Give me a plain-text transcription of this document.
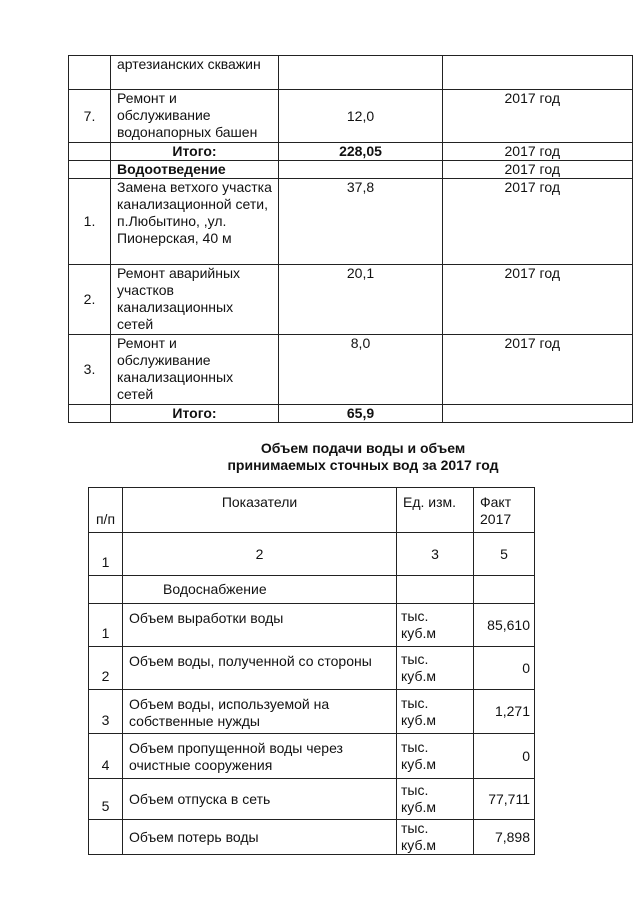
	артезианских скважин		
7.	Ремонт и обслуживание водонапорных башен	12,0	2017 год
	Итого:	228,05	2017 год
	Водоотведение		2017 год
1.	Замена ветхого участка канализационной сети, п.Любытино, ,ул. Пионерская, 40 м	37,8	2017 год
2.	Ремонт аварийных участков канализационных сетей	20,1	2017 год
3.	Ремонт и обслуживание канализационных сетей	8,0	2017 год
	Итого:	65,9	
Объем подачи воды и объем
принимаемых сточных вод за 2017 год
п/п	Показатели	Ед. изм.	Факт 2017
1	2	3	5
	Водоснабжение		
1	Объем выработки воды	тыс. куб.м	85,610
2	Объем воды, полученной со стороны	тыс. куб.м	0
3	Объем воды, используемой на собственные нужды	тыс. куб.м	1,271
4	Объем пропущенной воды через очистные сооружения	тыс. куб.м	0
5	Объем отпуска в сеть	тыс. куб.м	77,711
	Объем потерь воды	тыс. куб.м	7,898
